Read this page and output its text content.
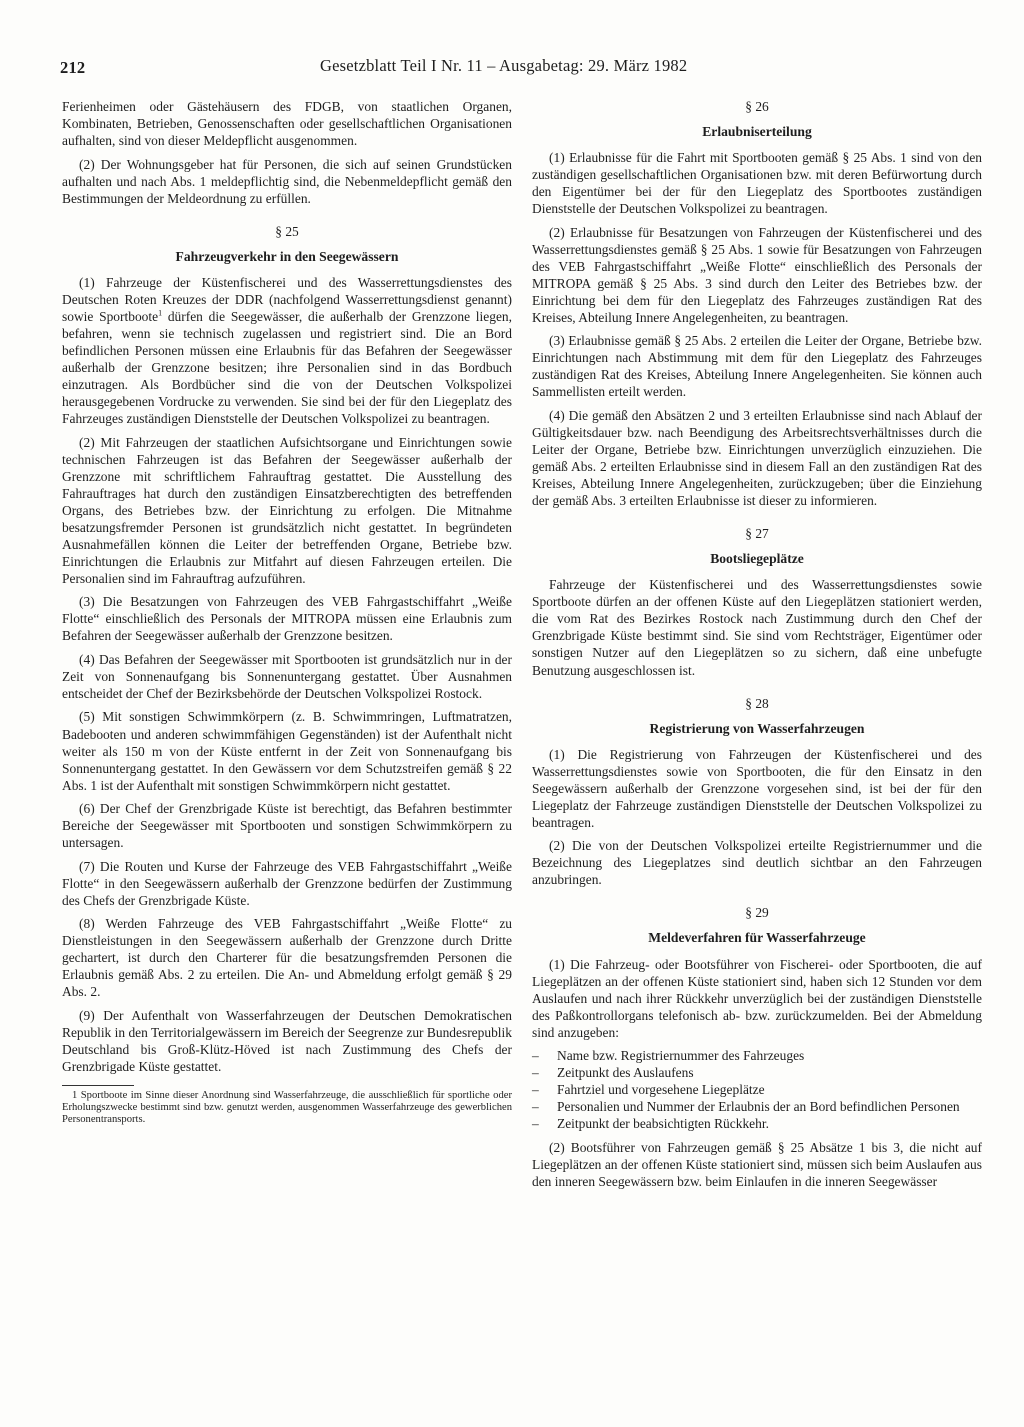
212	Gesetzblatt Teil I Nr. 11 – Ausgabetag: 29. März 1982

Ferienheimen oder Gästehäusern des FDGB, von staatlichen Organen, Kombinaten, Betrieben, Genossenschaften oder gesellschaftlichen Organisationen aufhalten, sind von dieser Meldepflicht ausgenommen.

(2) Der Wohnungsgeber hat für Personen, die sich auf seinen Grundstücken aufhalten und nach Abs. 1 meldepflichtig sind, die Nebenmeldepflicht gemäß den Bestimmungen der Meldeordnung zu erfüllen.

§ 25
Fahrzeugverkehr in den Seegewässern

(1) Fahrzeuge der Küstenfischerei und des Wasserrettungsdienstes des Deutschen Roten Kreuzes der DDR (nachfolgend Wasserrettungsdienst genannt) sowie Sportboote$^1$ dürfen die Seegewässer, die außerhalb der Grenzzone liegen, befahren, wenn sie technisch zugelassen und registriert sind. Die an Bord befindlichen Personen müssen eine Erlaubnis für das Befahren der Seegewässer außerhalb der Grenzzone besitzen; ihre Personalien sind in das Bordbuch einzutragen. Als Bordbücher sind die von der Deutschen Volkspolizei herausgegebenen Vordrucke zu verwenden. Sie sind bei der für den Liegeplatz des Fahrzeuges zuständigen Dienststelle der Deutschen Volkspolizei zu beantragen.

(2) Mit Fahrzeugen der staatlichen Aufsichtsorgane und Einrichtungen sowie technischen Fahrzeugen ist das Befahren der Seegewässer außerhalb der Grenzzone mit schriftlichem Fahrauftrag gestattet. Die Ausstellung des Fahrauftrages hat durch den zuständigen Einsatzberechtigten des betreffenden Organs, des Betriebes bzw. der Einrichtung zu erfolgen. Die Mitnahme besatzungsfremder Personen ist grundsätzlich nicht gestattet. In begründeten Ausnahmefällen können die Leiter der betreffenden Organe, Betriebe bzw. Einrichtungen die Erlaubnis zur Mitfahrt auf diesen Fahrzeugen erteilen. Die Personalien sind im Fahrauftrag aufzuführen.

(3) Die Besatzungen von Fahrzeugen des VEB Fahrgastschiffahrt „Weiße Flotte“ einschließlich des Personals der MITROPA müssen eine Erlaubnis zum Befahren der Seegewässer außerhalb der Grenzzone besitzen.

(4) Das Befahren der Seegewässer mit Sportbooten ist grundsätzlich nur in der Zeit von Sonnenaufgang bis Sonnenuntergang gestattet. Über Ausnahmen entscheidet der Chef der Bezirksbehörde der Deutschen Volkspolizei Rostock.

(5) Mit sonstigen Schwimmkörpern (z. B. Schwimmringen, Luftmatratzen, Badebooten und anderen schwimmfähigen Gegenständen) ist der Aufenthalt nicht weiter als 150 m von der Küste entfernt in der Zeit von Sonnenaufgang bis Sonnenuntergang gestattet. In den Gewässern vor dem Schutzstreifen gemäß § 22 Abs. 1 ist der Aufenthalt mit sonstigen Schwimmkörpern nicht gestattet.

(6) Der Chef der Grenzbrigade Küste ist berechtigt, das Befahren bestimmter Bereiche der Seegewässer mit Sportbooten und sonstigen Schwimmkörpern zu untersagen.

(7) Die Routen und Kurse der Fahrzeuge des VEB Fahrgastschiffahrt „Weiße Flotte“ in den Seegewässern außerhalb der Grenzzone bedürfen der Zustimmung des Chefs der Grenzbrigade Küste.

(8) Werden Fahrzeuge des VEB Fahrgastschiffahrt „Weiße Flotte“ zu Dienstleistungen in den Seegewässern außerhalb der Grenzzone durch Dritte gechartert, ist durch den Charterer für die besatzungsfremden Personen die Erlaubnis gemäß Abs. 2 zu erteilen. Die An- und Abmeldung erfolgt gemäß § 29 Abs. 2.

(9) Der Aufenthalt von Wasserfahrzeugen der Deutschen Demokratischen Republik in den Territorialgewässern im Bereich der Seegrenze zur Bundesrepublik Deutschland bis Groß-Klütz-Höved ist nach Zustimmung des Chefs der Grenzbrigade Küste gestattet.

1 Sportboote im Sinne dieser Anordnung sind Wasserfahrzeuge, die ausschließlich für sportliche oder Erholungszwecke bestimmt sind bzw. genutzt werden, ausgenommen Wasserfahrzeuge des gewerblichen Personentransports.
§ 26
Erlaubniserteilung

(1) Erlaubnisse für die Fahrt mit Sportbooten gemäß § 25 Abs. 1 sind von den zuständigen gesellschaftlichen Organisationen bzw. mit deren Befürwortung durch den Eigentümer bei der für den Liegeplatz des Sportbootes zuständigen Dienststelle der Deutschen Volkspolizei zu beantragen.

(2) Erlaubnisse für Besatzungen von Fahrzeugen der Küstenfischerei und des Wasserrettungsdienstes gemäß § 25 Abs. 1 sowie für Besatzungen von Fahrzeugen des VEB Fahrgastschiffahrt „Weiße Flotte“ einschließlich des Personals der MITROPA gemäß § 25 Abs. 3 sind durch den Leiter des Betriebes bzw. der Einrichtung bei dem für den Liegeplatz des Fahrzeuges zuständigen Rat des Kreises, Abteilung Innere Angelegenheiten, zu beantragen.

(3) Erlaubnisse gemäß § 25 Abs. 2 erteilen die Leiter der Organe, Betriebe bzw. Einrichtungen nach Abstimmung mit dem für den Liegeplatz des Fahrzeuges zuständigen Rat des Kreises, Abteilung Innere Angelegenheiten. Sie können auch Sammellisten erteilt werden.

(4) Die gemäß den Absätzen 2 und 3 erteilten Erlaubnisse sind nach Ablauf der Gültigkeitsdauer bzw. nach Beendigung des Arbeitsrechtsverhältnisses durch die Leiter der Organe, Betriebe bzw. Einrichtungen unverzüglich einzuziehen. Die gemäß Abs. 2 erteilten Erlaubnisse sind in diesem Fall an den zuständigen Rat des Kreises, Abteilung Innere Angelegenheiten, zurückzugeben; über die Einziehung der gemäß Abs. 3 erteilten Erlaubnisse ist dieser zu informieren.

§ 27
Bootsliegeplätze

Fahrzeuge der Küstenfischerei und des Wasserrettungsdienstes sowie Sportboote dürfen an der offenen Küste auf den Liegeplätzen stationiert werden, die vom Rat des Bezirkes Rostock nach Zustimmung durch den Chef der Grenzbrigade Küste bestimmt sind. Sie sind vom Rechtsträger, Eigentümer oder sonstigen Nutzer auf den Liegeplätzen so zu sichern, daß eine unbefugte Benutzung ausgeschlossen ist.

§ 28
Registrierung von Wasserfahrzeugen

(1) Die Registrierung von Fahrzeugen der Küstenfischerei und des Wasserrettungsdienstes sowie von Sportbooten, die für den Einsatz in den Seegewässern außerhalb der Grenzzone vorgesehen sind, ist bei der für den Liegeplatz der Fahrzeuge zuständigen Dienststelle der Deutschen Volkspolizei zu beantragen.

(2) Die von der Deutschen Volkspolizei erteilte Registriernummer und die Bezeichnung des Liegeplatzes sind deutlich sichtbar an den Fahrzeugen anzubringen.

§ 29
Meldeverfahren für Wasserfahrzeuge

(1) Die Fahrzeug- oder Bootsführer von Fischerei- oder Sportbooten, die auf Liegeplätzen an der offenen Küste stationiert sind, haben sich 12 Stunden vor dem Auslaufen und nach ihrer Rückkehr unverzüglich bei der zuständigen Dienststelle des Paßkontrollorgans telefonisch ab- bzw. zurückzumelden. Bei der Abmeldung sind anzugeben:

– Name bzw. Registriernummer des Fahrzeuges
– Zeitpunkt des Auslaufens
– Fahrtziel und vorgesehene Liegeplätze
– Personalien und Nummer der Erlaubnis der an Bord befindlichen Personen
– Zeitpunkt der beabsichtigten Rückkehr.

(2) Bootsführer von Fahrzeugen gemäß § 25 Absätze 1 bis 3, die nicht auf Liegeplätzen an der offenen Küste stationiert sind, müssen sich beim Auslaufen aus den inneren Seegewässern bzw. beim Einlaufen in die inneren Seegewässer
